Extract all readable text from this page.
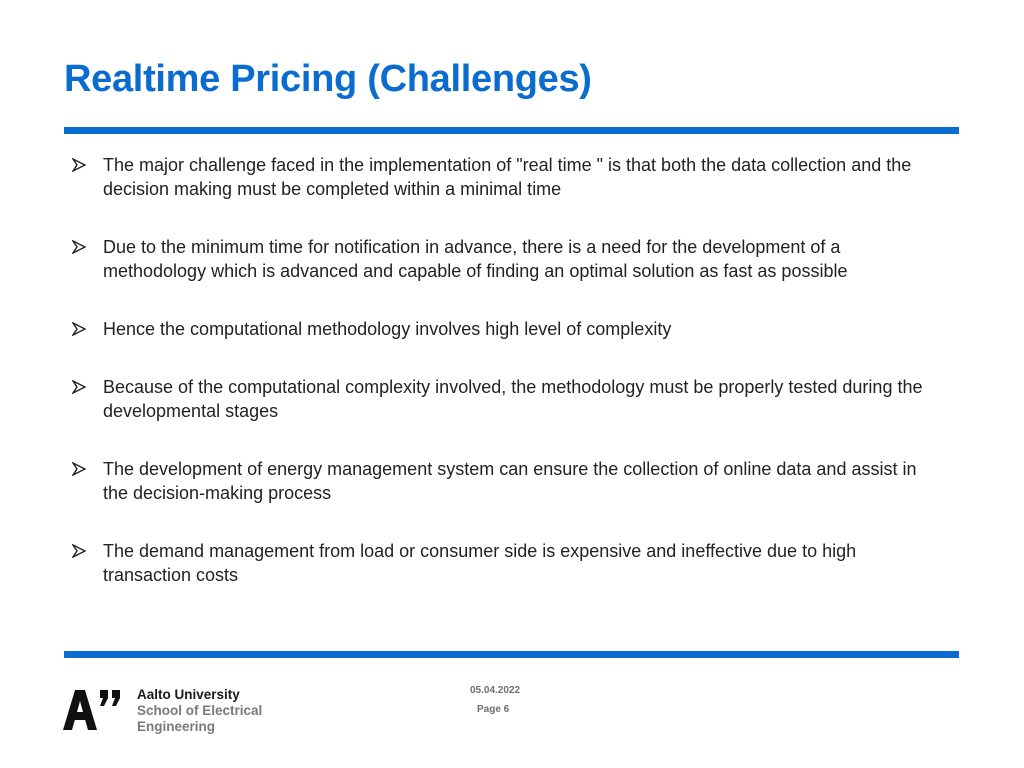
Realtime Pricing (Challenges)
The major challenge faced in the implementation of "real time " is that both the data collection and the decision making must be completed within a minimal time
Due to the minimum time for notification in advance, there is a need for the development of a methodology which is advanced and capable of finding an optimal solution as fast as possible
Hence the computational methodology involves high level of complexity
Because of the computational complexity involved, the methodology must be properly tested during the developmental stages
The development of energy management system can ensure the collection of online data and assist in the decision-making process
The demand management from load or consumer side is expensive and ineffective due to high transaction costs
Aalto University
School of Electrical
Engineering
05.04.2022
Page 6
